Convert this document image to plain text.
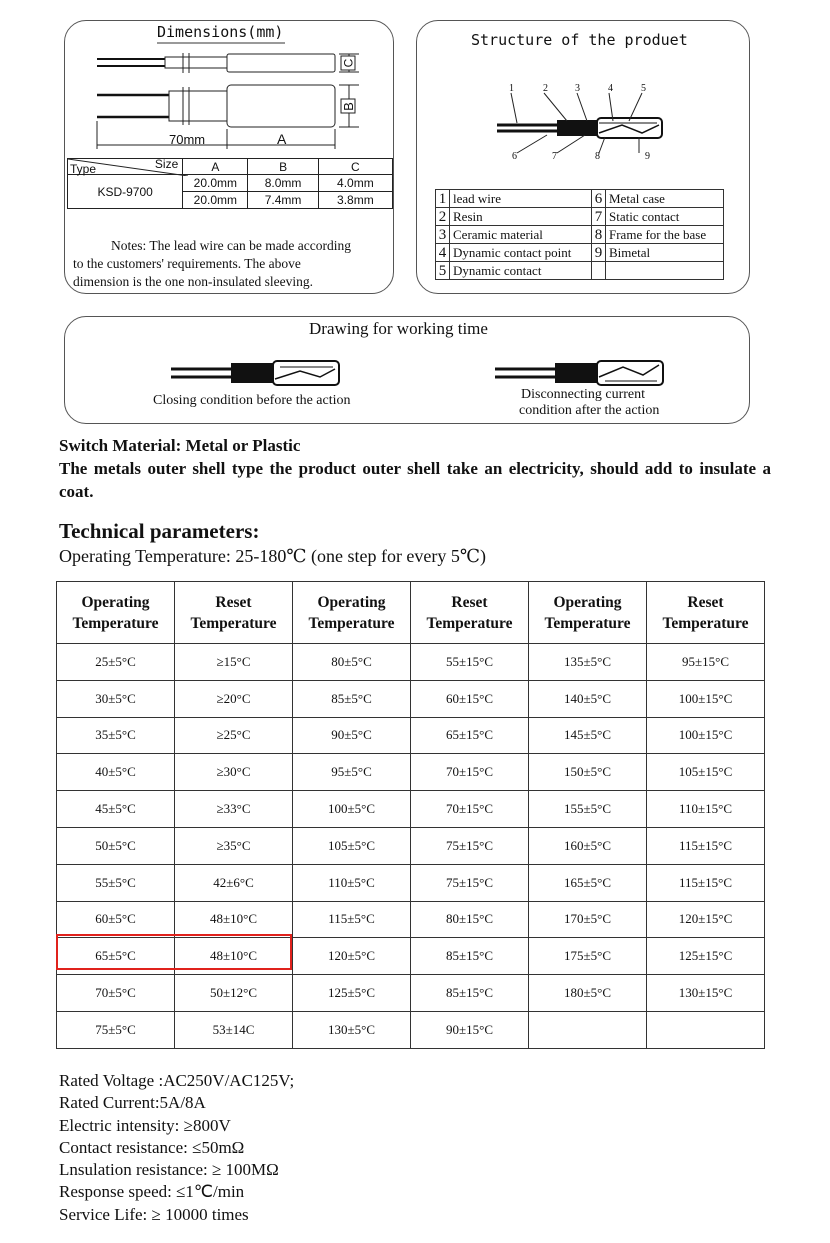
Dimensions(mm)
70mm	A
B
C
Type Size	A	B	C
KSD-9700	20.0mm	8.0mm	4.0mm
	20.0mm	7.4mm	3.8mm
Notes: The lead wire can be made according
to the customers' requirements. The above
dimension is the one non-insulated sleeving.
Structure of the produet
1	2	3	4	5
6	7	8	9
1	lead wire	6	Metal case
2	Resin	7	Static contact
3	Ceramic material	8	Frame for the base
4	Dynamic contact point	9	Bimetal
5	Dynamic contact		
Drawing for working time
Closing condition before the action	Disconnecting current
condition after the action
Switch Material: Metal or Plastic
The metals outer shell type the product outer shell take an electricity, should add to insulate a coat.
Technical parameters:
Operating Temperature: 25-180℃ (one step for every 5℃)
Operating
Temperature	Reset
Temperature	Operating
Temperature	Reset
Temperature	Operating
Temperature	Reset
Temperature
25±5°C	≥15°C	80±5°C	55±15°C	135±5°C	95±15°C
30±5°C	≥20°C	85±5°C	60±15°C	140±5°C	100±15°C
35±5°C	≥25°C	90±5°C	65±15°C	145±5°C	100±15°C
40±5°C	≥30°C	95±5°C	70±15°C	150±5°C	105±15°C
45±5°C	≥33°C	100±5°C	70±15°C	155±5°C	110±15°C
50±5°C	≥35°C	105±5°C	75±15°C	160±5°C	115±15°C
55±5°C	42±6°C	110±5°C	75±15°C	165±5°C	115±15°C
60±5°C	48±10°C	115±5°C	80±15°C	170±5°C	120±15°C
65±5°C	48±10°C	120±5°C	85±15°C	175±5°C	125±15°C
70±5°C	50±12°C	125±5°C	85±15°C	180±5°C	130±15°C
75±5°C	53±14C	130±5°C	90±15°C		
Rated Voltage :AC250V/AC125V;
Rated Current:5A/8A
Electric intensity: ≥800V
Contact resistance: ≤50mΩ
Lnsulation resistance: ≥ 100MΩ
Response speed: ≤1℃/min
Service Life: ≥ 10000 times
